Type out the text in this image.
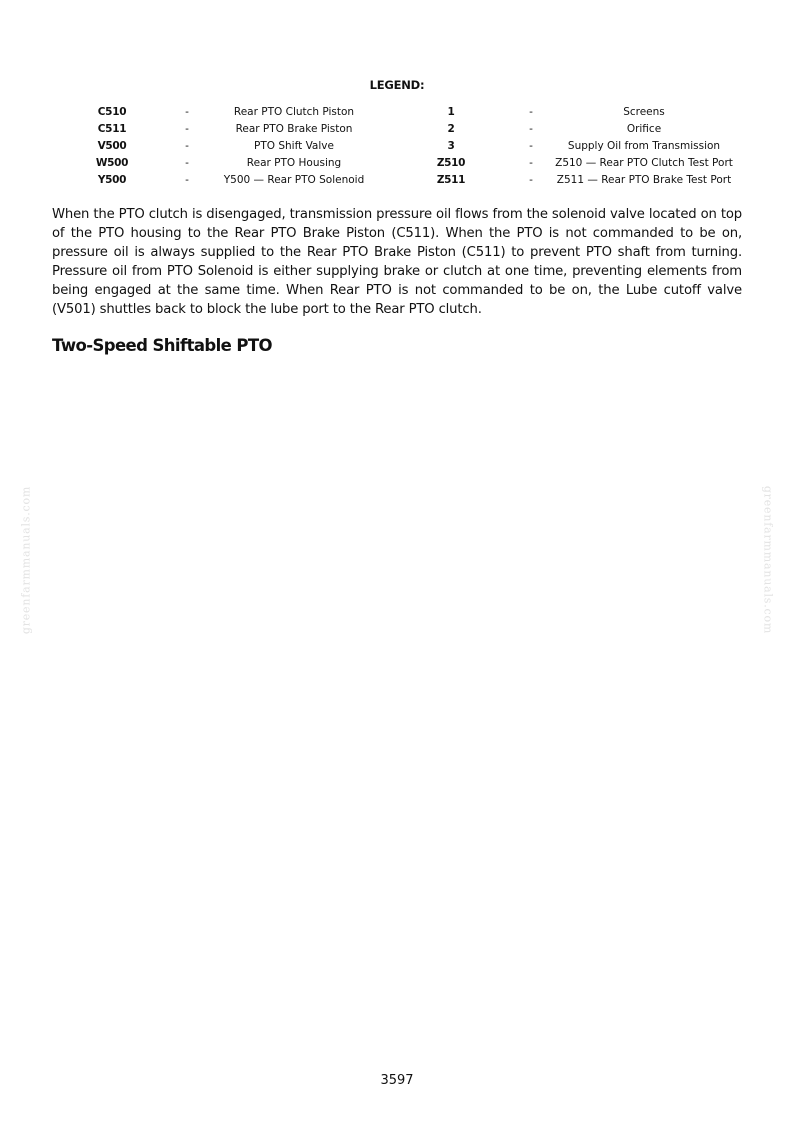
LEGEND:
C510	-	Rear PTO Clutch Piston	1	-	Screens
C511	-	Rear PTO Brake Piston	2	-	Orifice
V500	-	PTO Shift Valve	3	-	Supply Oil from Transmission
W500	-	Rear PTO Housing	Z510	-	Z510 — Rear PTO Clutch Test Port
Y500	-	Y500 — Rear PTO Solenoid	Z511	-	Z511 — Rear PTO Brake Test Port

When the PTO clutch is disengaged, transmission pressure oil flows from the solenoid valve located on top of the PTO housing to the Rear PTO Brake Piston (C511). When the PTO is not commanded to be on, pressure oil is always supplied to the Rear PTO Brake Piston (C511) to prevent PTO shaft from turning. Pressure oil from PTO Solenoid is either supplying brake or clutch at one time, preventing elements from being engaged at the same time. When Rear PTO is not commanded to be on, the Lube cutoff valve (V501) shuttles back to block the lube port to the Rear PTO clutch.

Two-Speed Shiftable PTO
greenfarmmanuals.com	greenfarmmanuals.com
3597
